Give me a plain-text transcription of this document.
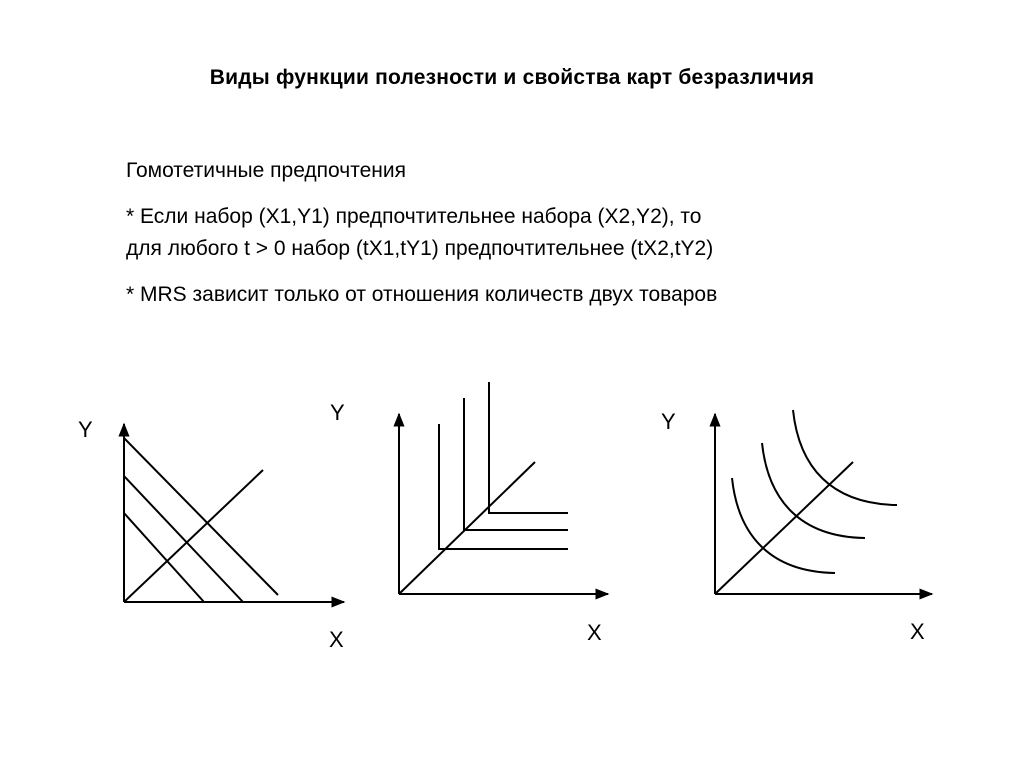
Виды функции полезности и свойства карт безразличия
Гомотетичные предпочтения
* Если набор (X1,Y1) предпочтительнее набора (X2,Y2), то
для любого t > 0 набор (tX1,tY1) предпочтительнее (tX2,tY2)
* MRS зависит только от отношения количеств двух товаров
Y
X
Y
X
Y
X
